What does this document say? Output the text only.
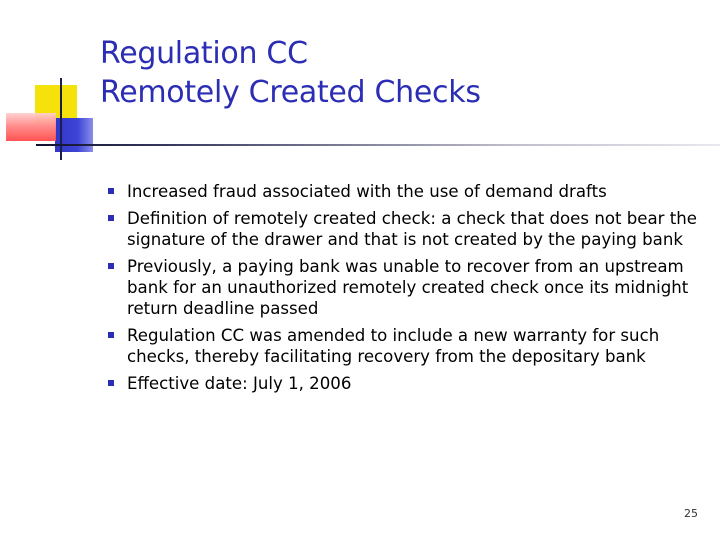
Regulation CC
Remotely Created Checks
Increased fraud associated with the use of demand drafts
Definition of remotely created check: a check that does not bear the signature of the drawer and that is not created by the paying bank
Previously, a paying bank was unable to recover from an upstream bank for an unauthorized remotely created check once its midnight return deadline passed
Regulation CC was amended to include a new warranty for such checks, thereby facilitating recovery from the depositary bank
Effective date: July 1, 2006
25
